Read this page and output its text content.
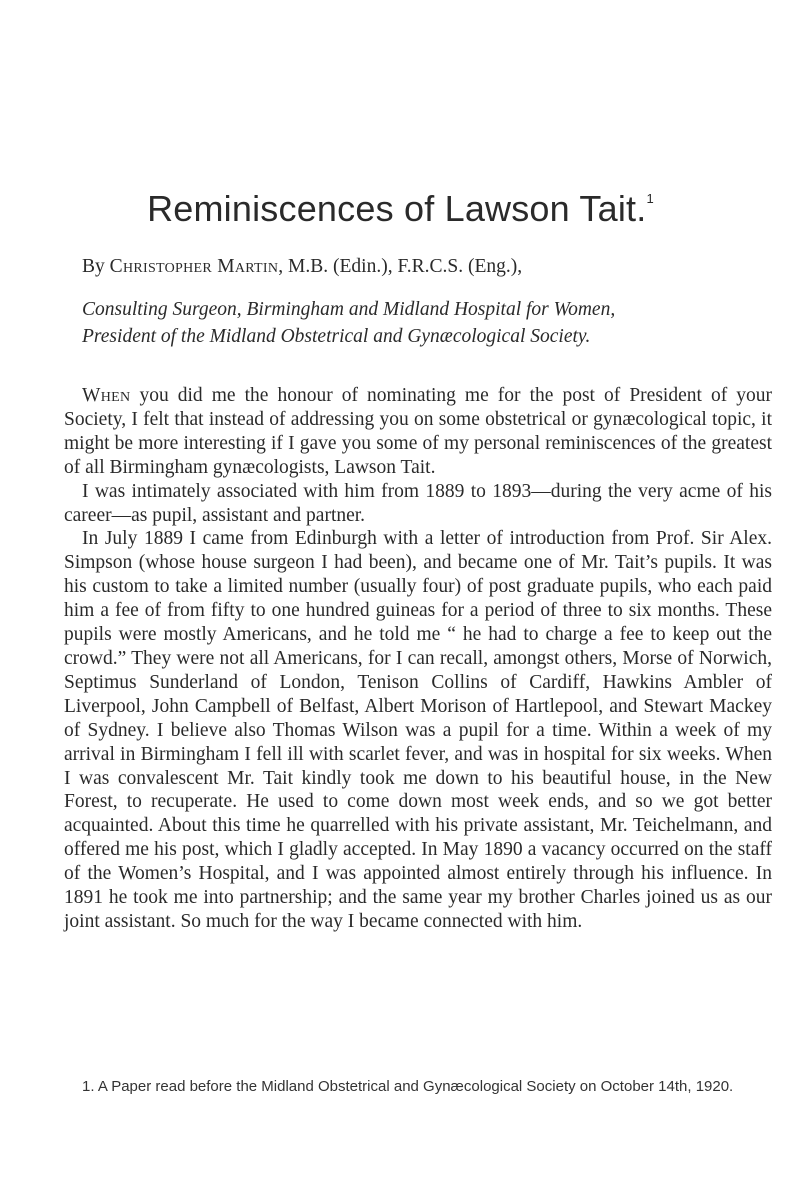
Reminiscences of Lawson Tait.$^1$

By Christopher Martin, M.B. (Edin.), F.R.C.S. (Eng.),

Consulting Surgeon, Birmingham and Midland Hospital for Women,
President of the Midland Obstetrical and Gynæcological Society.

When you did me the honour of nominating me for the post of President of your Society, I felt that instead of addressing you on some obstetrical or gynæcological topic, it might be more interesting if I gave you some of my personal reminiscences of the greatest of all Birmingham gynæcologists, Lawson Tait.

I was intimately associated with him from 1889 to 1893—during the very acme of his career—as pupil, assistant and partner.

In July 1889 I came from Edinburgh with a letter of introduction from Prof. Sir Alex. Simpson (whose house surgeon I had been), and became one of Mr. Tait’s pupils. It was his custom to take a limited number (usually four) of post graduate pupils, who each paid him a fee of from fifty to one hundred guineas for a period of three to six months. These pupils were mostly Americans, and he told me “ he had to charge a fee to keep out the crowd.” They were not all Americans, for I can recall, amongst others, Morse of Norwich, Septimus Sunderland of London, Tenison Collins of Cardiff, Hawkins Ambler of Liverpool, John Campbell of Belfast, Albert Morison of Hartlepool, and Stewart Mackey of Sydney. I believe also Thomas Wilson was a pupil for a time. Within a week of my arrival in Birmingham I fell ill with scarlet fever, and was in hospital for six weeks. When I was convalescent Mr. Tait kindly took me down to his beautiful house, in the New Forest, to recuperate. He used to come down most week ends, and so we got better acquainted. About this time he quarrelled with his private assistant, Mr. Teichelmann, and offered me his post, which I gladly accepted. In May 1890 a vacancy occurred on the staff of the Women’s Hospital, and I was appointed almost entirely through his influence. In 1891 he took me into partnership; and the same year my brother Charles joined us as our joint assistant. So much for the way I became connected with him.

1. A Paper read before the Midland Obstetrical and Gynæcological Society on October 14th, 1920.
